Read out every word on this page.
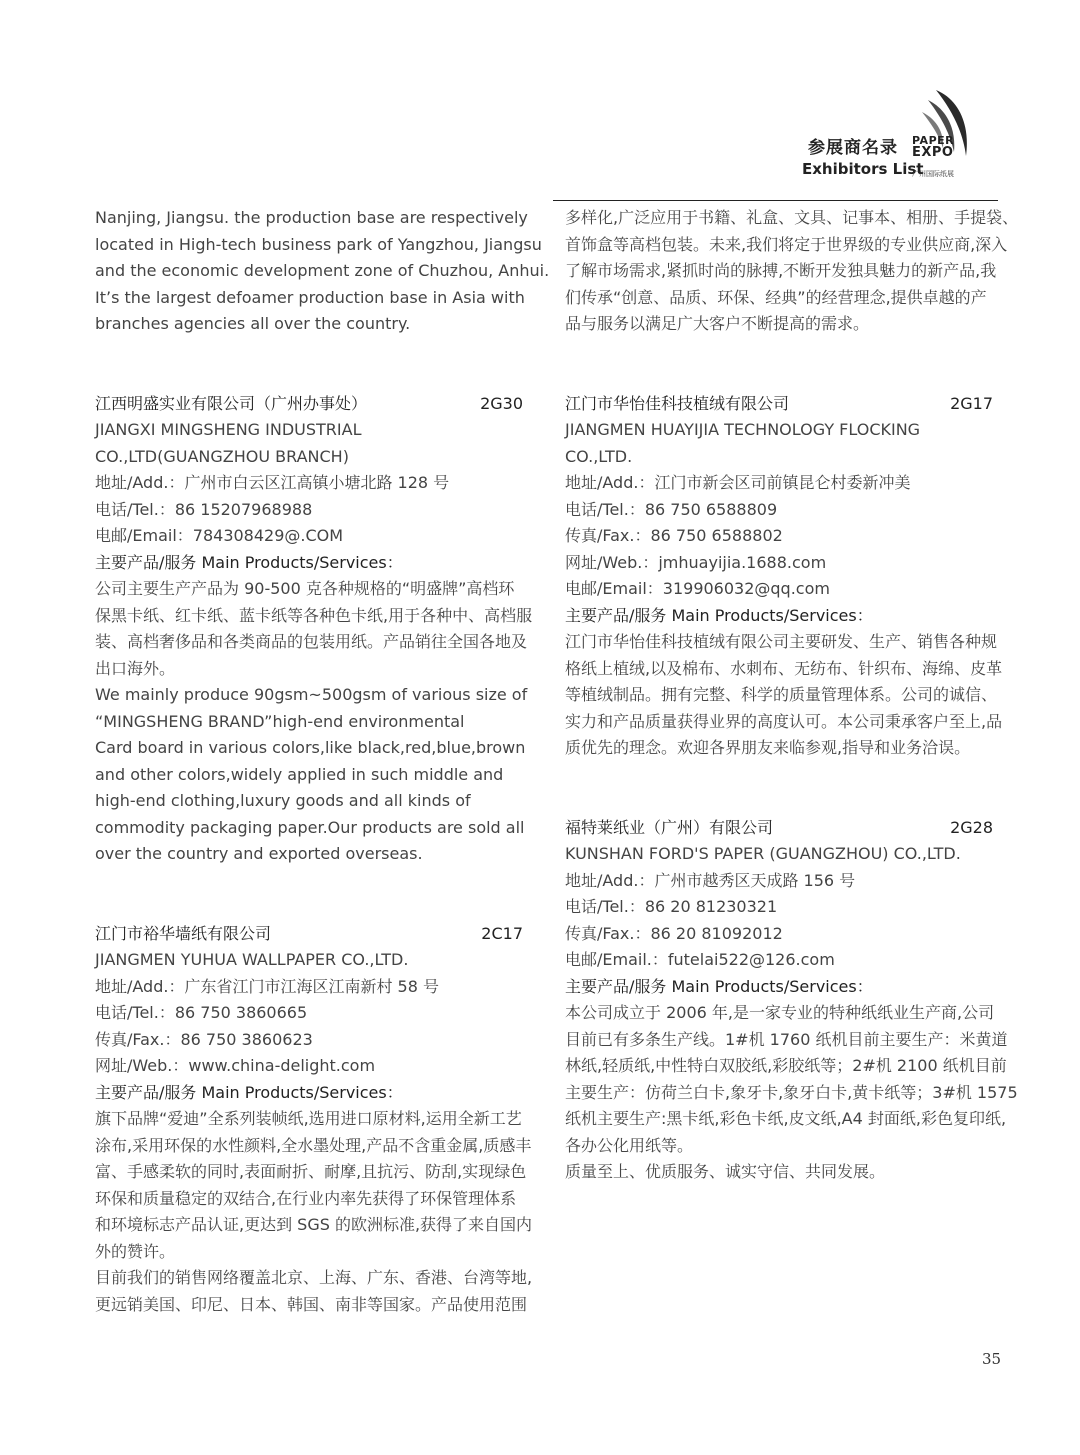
参展商名录
Exhibitors List
PAPER
EXPO
广州国际纸展
Nanjing, Jiangsu. the production base are respectively
located in High-tech business park of Yangzhou, Jiangsu
and the economic development zone of Chuzhou, Anhui.
It’s the largest defoamer production base in Asia with
branches agencies all over the country.
江西明盛实业有限公司（广州办事处）	2G30
JIANGXI MINGSHENG INDUSTRIAL
CO.,LTD(GUANGZHOU BRANCH)
地址/Add.：广州市白云区江高镇小塘北路 128 号
电话/Tel.：86 15207968988
电邮/Email：784308429@.COM
主要产品/服务 Main Products/Services：
公司主要生产产品为 90-500 克各种规格的“明盛牌”高档环
保黑卡纸、红卡纸、蓝卡纸等各种色卡纸,用于各种中、高档服
装、高档奢侈品和各类商品的包装用纸。产品销往全国各地及
出口海外。
We mainly produce 90gsm~500gsm of various size of
“MINGSHENG BRAND”high-end environmental
Card board in various colors,like black,red,blue,brown
and other colors,widely applied in such middle and
high-end clothing,luxury goods and all kinds of
commodity packaging paper.Our products are sold all
over the country and exported overseas.
江门市裕华墙纸有限公司	2C17
JIANGMEN YUHUA WALLPAPER CO.,LTD.
地址/Add.：广东省江门市江海区江南新村 58 号
电话/Tel.：86 750 3860665
传真/Fax.：86 750 3860623
网址/Web.：www.china-delight.com
主要产品/服务 Main Products/Services：
旗下品牌“爱迪”全系列装帧纸,选用进口原材料,运用全新工艺
涂布,采用环保的水性颜料,全水墨处理,产品不含重金属,质感丰
富、手感柔软的同时,表面耐折、耐摩,且抗污、防刮,实现绿色
环保和质量稳定的双结合,在行业内率先获得了环保管理体系
和环境标志产品认证,更达到 SGS 的欧洲标准,获得了来自国内
外的赞许。
目前我们的销售网络覆盖北京、上海、广东、香港、台湾等地,
更远销美国、印尼、日本、韩国、南非等国家。产品使用范围
多样化,广泛应用于书籍、礼盒、文具、记事本、相册、手提袋、
首饰盒等高档包装。未来,我们将定于世界级的专业供应商,深入
了解市场需求,紧抓时尚的脉搏,不断开发独具魅力的新产品,我
们传承“创意、品质、环保、经典”的经营理念,提供卓越的产
品与服务以满足广大客户不断提高的需求。
江门市华怡佳科技植绒有限公司	2G17
JIANGMEN HUAYIJIA TECHNOLOGY FLOCKING
CO.,LTD.
地址/Add.：江门市新会区司前镇昆仑村委新冲美
电话/Tel.：86 750 6588809
传真/Fax.：86 750 6588802
网址/Web.：jmhuayijia.1688.com
电邮/Email：319906032@qq.com
主要产品/服务 Main Products/Services：
江门市华怡佳科技植绒有限公司主要研发、生产、销售各种规
格纸上植绒,以及棉布、水刺布、无纺布、针织布、海绵、皮革
等植绒制品。拥有完整、科学的质量管理体系。公司的诚信、
实力和产品质量获得业界的高度认可。本公司秉承客户至上,品
质优先的理念。欢迎各界朋友来临参观,指导和业务洽误。
福特莱纸业（广州）有限公司	2G28
KUNSHAN FORD'S PAPER (GUANGZHOU) CO.,LTD.
地址/Add.：广州市越秀区天成路 156 号
电话/Tel.：86 20 81230321
传真/Fax.：86 20 81092012
电邮/Email.：futelai522@126.com
主要产品/服务 Main Products/Services：
本公司成立于 2006 年,是一家专业的特种纸纸业生产商,公司
目前已有多条生产线。1#机 1760 纸机目前主要生产：米黄道
林纸,轻质纸,中性特白双胶纸,彩胶纸等；2#机 2100 纸机目前
主要生产：仿荷兰白卡,象牙卡,象牙白卡,黄卡纸等；3#机 1575
纸机主要生产:黑卡纸,彩色卡纸,皮文纸,A4 封面纸,彩色复印纸,
各办公化用纸等。
质量至上、优质服务、诚实守信、共同发展。
35
